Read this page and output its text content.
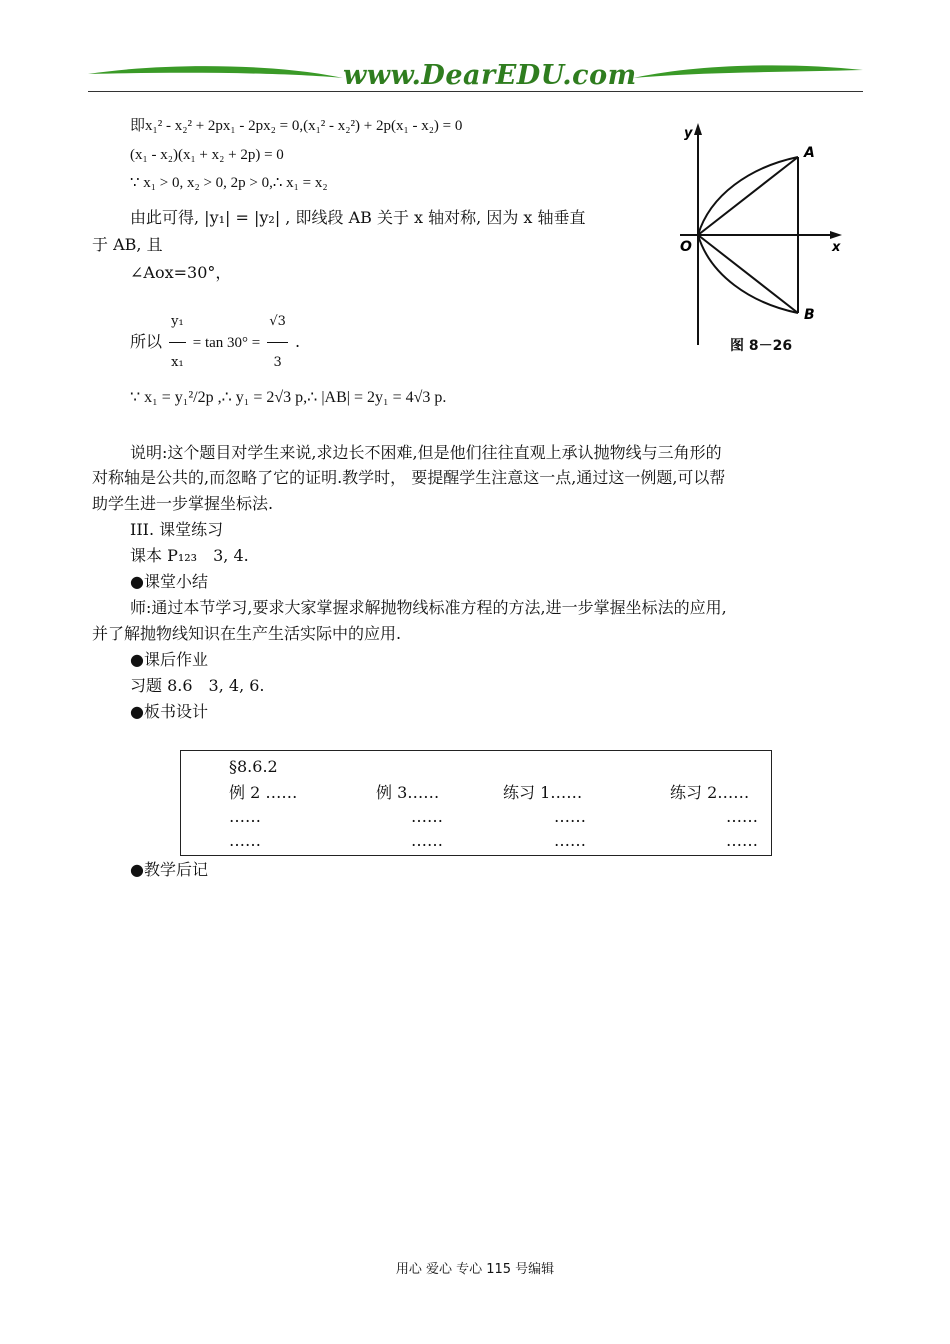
www.DearEDU.com
即x₁² - x₂² + 2px₁ - 2px₂ = 0,(x₁² - x₂²) + 2p(x₁ - x₂) = 0
(x₁ - x₂)(x₁ + x₂ + 2p) = 0
∵ x₁ > 0, x₂ > 0, 2p > 0,∴ x₁ = x₂
由此可得, |y₁| = |y₂| , 即线段 AB 关于 x 轴对称, 因为 x 轴垂直
于 AB, 且
∠Aox=30°，
所以 $\frac{\text{y₁}}{\text{x₁}} = \tan 30^\circ = \frac{√3}{3}$ .
∵ x₁ = y₁²/2p ,∴ y₁ = 2√3 p,∴ |AB| = 2y₁ = 4√3 p.
y
x
O
A
B
图 8－26
说明:这个题目对学生来说,求边长不困难,但是他们往往直观上承认抛物线与三角形的
对称轴是公共的,而忽略了它的证明.教学时， 要提醒学生注意这一点,通过这一例题,可以帮
助学生进一步掌握坐标法.
III. 课堂练习
课本 P₁₂₃　3, 4.
●课堂小结
师:通过本节学习,要求大家掌握求解抛物线标准方程的方法,进一步掌握坐标法的应用,
并了解抛物线知识在生产生活实际中的应用.
●课后作业
习题 8.6　3, 4, 6.
●板书设计
§8.6.2
例 2 ……	例 3……	练习 1……	练习 2……
……	……	……	……
……	……	……	……
●教学后记
用心 爱心 专心 115 号编辑
